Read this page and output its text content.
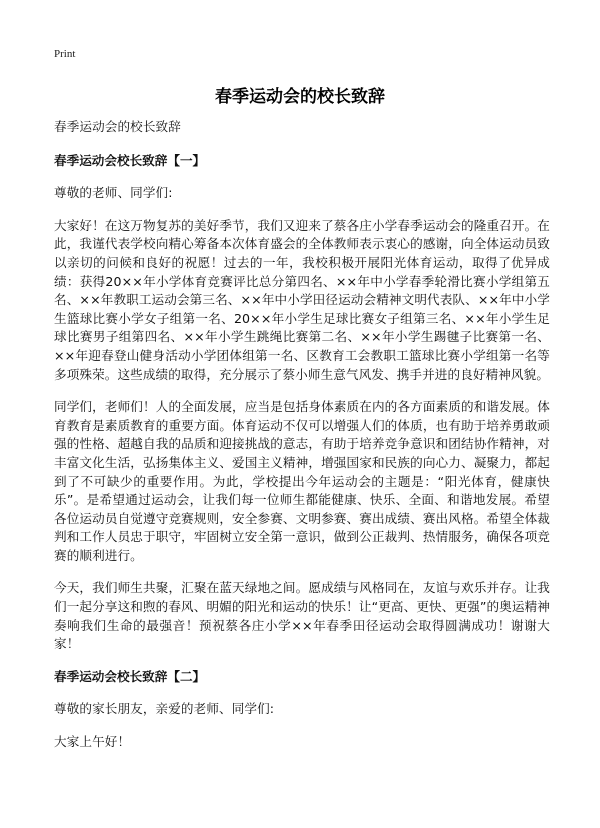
Print
春季运动会的校长致辞

春季运动会的校长致辞

春季运动会校长致辞【一】

尊敬的老师、同学们:

大家好！在这万物复苏的美好季节，我们又迎来了蔡各庄小学春季运动会的隆重召开。在此，我谨代表学校向精心筹备本次体育盛会的全体教师表示衷心的感谢，向全体运动员致以亲切的问候和良好的祝愿！过去的一年，我校积极开展阳光体育运动，取得了优异成绩：获得20××年小学体育竞赛评比总分第四名、××年中小学春季轮滑比赛小学组第五名、××年教职工运动会第三名、××年中小学田径运动会精神文明代表队、××年中小学生篮球比赛小学女子组第一名、20××年小学生足球比赛女子组第三名、××年小学生足球比赛男子组第四名、××年小学生跳绳比赛第二名、××年小学生踢毽子比赛第一名、××年迎春登山健身活动小学团体组第一名、区教育工会教职工篮球比赛小学组第一名等多项殊荣。这些成绩的取得，充分展示了蔡小师生意气风发、携手并进的良好精神风貌。

同学们，老师们！人的全面发展，应当是包括身体素质在内的各方面素质的和谐发展。体育教育是素质教育的重要方面。体育运动不仅可以增强人们的体质，也有助于培养勇敢顽强的性格、超越自我的品质和迎接挑战的意志，有助于培养竞争意识和团结协作精神，对丰富文化生活，弘扬集体主义、爱国主义精神，增强国家和民族的向心力、凝聚力，都起到了不可缺少的重要作用。为此，学校提出今年运动会的主题是：“阳光体育，健康快乐”。是希望通过运动会，让我们每一位师生都能健康、快乐、全面、和谐地发展。希望各位运动员自觉遵守竞赛规则，安全参赛、文明参赛、赛出成绩、赛出风格。希望全体裁判和工作人员忠于职守，牢固树立安全第一意识，做到公正裁判、热情服务，确保各项竞赛的顺利进行。

今天，我们师生共聚，汇聚在蓝天绿地之间。愿成绩与风格同在，友谊与欢乐并存。让我们一起分享这和煦的春风、明媚的阳光和运动的快乐！让“更高、更快、更强”的奥运精神奏响我们生命的最强音！预祝蔡各庄小学××年春季田径运动会取得圆满成功！谢谢大家！

春季运动会校长致辞【二】

尊敬的家长朋友，亲爱的老师、同学们:

大家上午好！
